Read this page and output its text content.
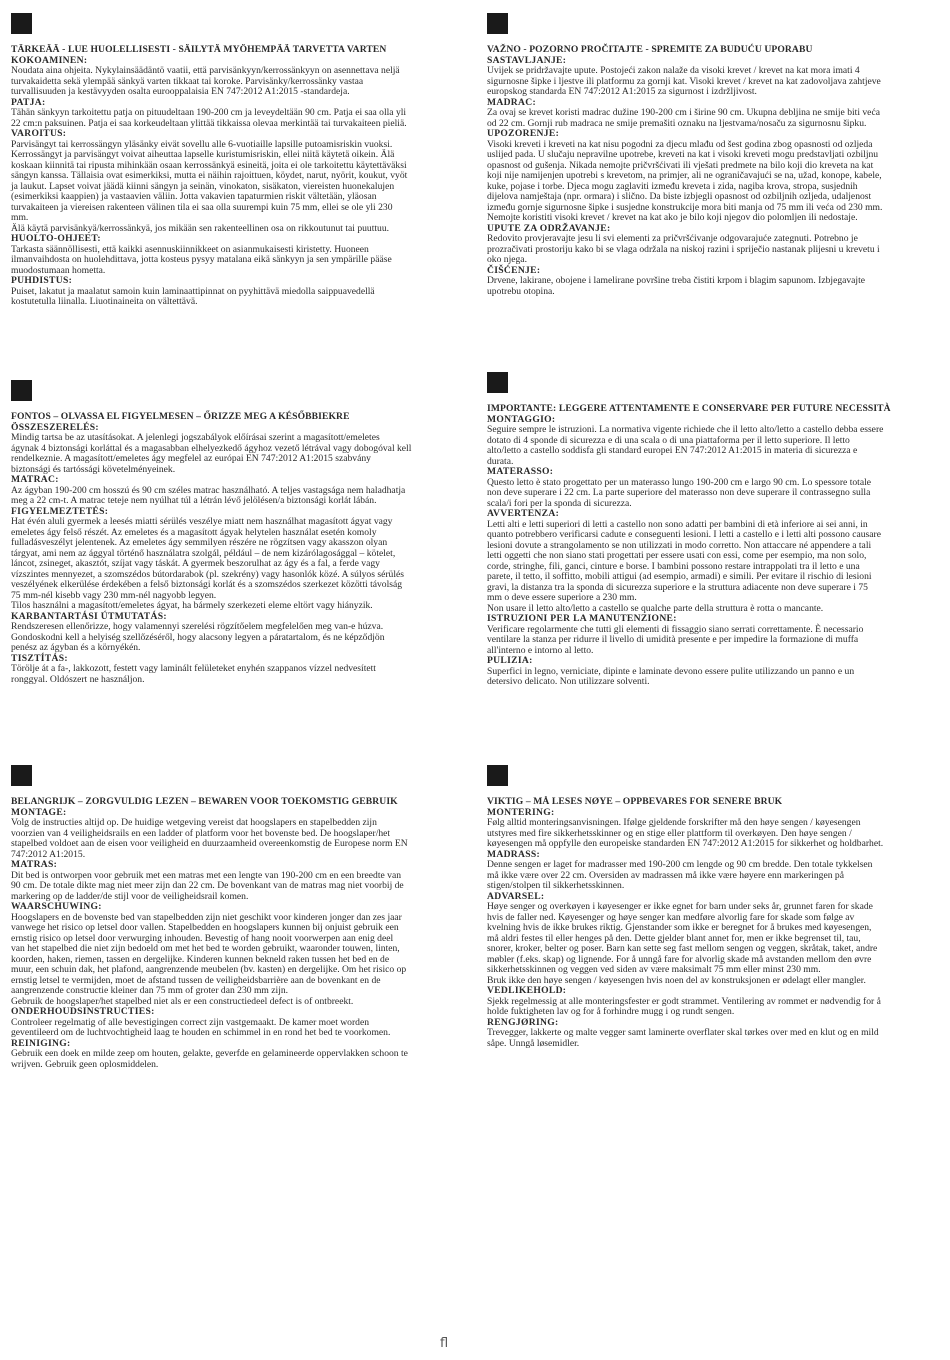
TÄRKEÄÄ - LUE HUOLELLISESTI - SÄILYTÄ MYÖHEMPÄÄ TARVETTA VARTEN
KOKOAMINEN:
Noudata aina ohjeita. Nykylainsäädäntö vaatii, että parvisänkyyn/kerrossänkyyn on asennettava neljä
turvakaidetta sekä ylempää sänkyä varten tikkaat tai koroke. Parvisänky/kerrossänky vastaa
turvallisuuden ja kestävyyden osalta eurooppalaisia EN 747:2012 A1:2015 -standardeja.
PATJA:
Tähän sänkyyn tarkoitettu patja on pituudeltaan 190-200 cm ja leveydeltään 90 cm. Patja ei saa olla yli
22 cm:n paksuinen. Patja ei saa korkeudeltaan ylittää tikkaissa olevaa merkintää tai turvakaiteen pieliä.
VAROITUS:
Parvisängyt tai kerrossängyn yläsänky eivät sovellu alle 6-vuotiaille lapsille putoamisriskin vuoksi.
Kerrossängyt ja parvisängyt voivat aiheuttaa lapselle kuristumisriskin, ellei niitä käytetä oikein. Älä
koskaan kiinnitä tai ripusta mihinkään osaan kerrossänkyä esineitä, joita ei ole tarkoitettu käytettäväksi
sängyn kanssa. Tällaisia ovat esimerkiksi, mutta ei näihin rajoittuen, köydet, narut, nyörit, koukut, vyöt
ja laukut. Lapset voivat jäädä kiinni sängyn ja seinän, vinokaton, sisäkaton, viereisten huonekalujen
(esimerkiksi kaappien) ja vastaavien väliin. Jotta vakavien tapaturmien riskit vältetään, yläosan
turvakaiteen ja viereisen rakenteen välinen tila ei saa olla suurempi kuin 75 mm, ellei se ole yli 230
mm.
Älä käytä parvisänkyä/kerrossänkyä, jos mikään sen rakenteellinen osa on rikkoutunut tai puuttuu.
HUOLTO-OHJEET:
Tarkasta säännöllisesti, että kaikki asennuskiinnikkeet on asianmukaisesti kiristetty. Huoneen
ilmanvaihdosta on huolehdittava, jotta kosteus pysyy matalana eikä sänkyyn ja sen ympärille pääse
muodostumaan hometta.
PUHDISTUS:
Puiset, lakatut ja maalatut samoin kuin laminaattipinnat on pyyhittävä miedolla saippuavedellä
kostutetulla liinalla. Liuotinaineita on vältettävä.
VAŽNO - POZORNO PROČITAJTE - SPREMITE ZA BUDUĆU UPORABU
SASTAVLJANJE:
Uvijek se pridržavajte upute. Postojeći zakon nalaže da visoki krevet / krevet na kat mora imati 4
sigurnosne šipke i ljestve ili platformu za gornji kat. Visoki krevet / krevet na kat zadovoljava zahtjeve
europskog standarda EN 747:2012 A1:2015 za sigurnost i izdržljivost.
MADRAC:
Za ovaj se krevet koristi madrac dužine 190-200 cm i širine 90 cm. Ukupna debljina ne smije biti veća
od 22 cm. Gornji rub madraca ne smije premašiti oznaku na ljestvama/nosaču za sigurnosnu šipku.
UPOZORENJE:
Visoki kreveti i kreveti na kat nisu pogodni za djecu mlađu od šest godina zbog opasnosti od ozljeda
uslijed pada. U slučaju nepravilne upotrebe, kreveti na kat i visoki kreveti mogu predstavljati ozbiljnu
opasnost od gušenja. Nikada nemojte pričvršćivati ili vješati predmete na bilo koji dio kreveta na kat
koji nije namijenjen upotrebi s krevetom, na primjer, ali ne ograničavajući se na, užad, konope, kabele,
kuke, pojase i torbe. Djeca mogu zaglaviti između kreveta i zida, nagiba krova, stropa, susjednih
dijelova namještaja (npr. ormara) i slično. Da biste izbjegli opasnost od ozbiljnih ozljeda, udaljenost
između gornje sigurnosne šipke i susjedne konstrukcije mora biti manja od 75 mm ili veća od 230 mm.
Nemojte koristiti visoki krevet / krevet na kat ako je bilo koji njegov dio polomljen ili nedostaje.
UPUTE ZA ODRŽAVANJE:
Redovito provjeravajte jesu li svi elementi za pričvršćivanje odgovarajuće zategnuti. Potrebno je
prozračivati prostoriju kako bi se vlaga održala na niskoj razini i spriječio nastanak plijesni u krevetu i
oko njega.
ČIŠĆENJE:
Drvene, lakirane, obojene i lamelirane površine treba čistiti krpom i blagim sapunom. Izbjegavajte
upotrebu otopina.
FONTOS – OLVASSA EL FIGYELMESEN – ŐRIZZE MEG A KÉSŐBBIEKRE
ÖSSZESZERELÉS:
Mindig tartsa be az utasításokat. A jelenlegi jogszabályok előírásai szerint a magasított/emeletes
ágynak 4 biztonsági korláttal és a magasabban elhelyezkedő ágyhoz vezető létrával vagy dobogóval kell
rendelkeznie. A magasított/emeletes ágy megfelel az európai EN 747:2012 A1:2015 szabvány
biztonsági és tartóssági követelményeinek.
MATRAC:
Az ágyban 190-200 cm hosszú és 90 cm széles matrac használható. A teljes vastagsága nem haladhatja
meg a 22 cm-t. A matrac teteje nem nyúlhat túl a létrán lévő jelölésen/a biztonsági korlát lábán.
FIGYELMEZTETÉS:
Hat évén aluli gyermek a leesés miatti sérülés veszélye miatt nem használhat magasított ágyat vagy
emeletes ágy felső részét. Az emeletes és a magasított ágyak helytelen használat esetén komoly
fulladásveszélyt jelentenek. Az emeletes ágy semmilyen részére ne rögzítsen vagy akasszon olyan
tárgyat, ami nem az ággyal történő használatra szolgál, például – de nem kizárólagosággal – kötelet,
láncot, zsineget, akasztót, szíjat vagy táskát. A gyermek beszorulhat az ágy és a fal, a ferde vagy
vízszintes mennyezet, a szomszédos bútordarabok (pl. szekrény) vagy hasonlók közé. A súlyos sérülés
veszélyének elkerülése érdekében a felső biztonsági korlát és a szomszédos szerkezet közötti távolság
75 mm-nél kisebb vagy 230 mm-nél nagyobb legyen.
Tilos használni a magasított/emeletes ágyat, ha bármely szerkezeti eleme eltört vagy hiányzik.
KARBANTARTÁSI ÚTMUTATÁS:
Rendszeresen ellenőrizze, hogy valamennyi szerelési rögzítőelem megfelelően meg van-e húzva.
Gondoskodni kell a helyiség szellőzéséről, hogy alacsony legyen a páratartalom, és ne képződjön
penész az ágyban és a környékén.
TISZTÍTÁS:
Törölje át a fa-, lakkozott, festett vagy laminált felületeket enyhén szappanos vízzel nedvesített
ronggyal. Oldószert ne használjon.
IMPORTANTE: LEGGERE ATTENTAMENTE E CONSERVARE PER FUTURE NECESSITÀ
MONTAGGIO:
Seguire sempre le istruzioni. La normativa vigente richiede che il letto alto/letto a castello debba essere
dotato di 4 sponde di sicurezza e di una scala o di una piattaforma per il letto superiore. Il letto
alto/letto a castello soddisfa gli standard europei EN 747:2012 A1:2015 in materia di sicurezza e
durata.
MATERASSO:
Questo letto è stato progettato per un materasso lungo 190-200 cm e largo 90 cm. Lo spessore totale
non deve superare i 22 cm. La parte superiore del materasso non deve superare il contrassegno sulla
scala/i fori per la sponda di sicurezza.
AVVERTENZA:
Letti alti e letti superiori di letti a castello non sono adatti per bambini di età inferiore ai sei anni, in
quanto potrebbero verificarsi cadute e conseguenti lesioni. I letti a castello e i letti alti possono causare
lesioni dovute a strangolamento se non utilizzati in modo corretto. Non attaccare né appendere a tali
letti oggetti che non siano stati progettati per essere usati con essi, come per esempio, ma non solo,
corde, stringhe, fili, ganci, cinture e borse. I bambini possono restare intrappolati tra il letto e una
parete, il tetto, il soffitto, mobili attigui (ad esempio, armadi) e simili. Per evitare il rischio di lesioni
gravi, la distanza tra la sponda di sicurezza superiore e la struttura adiacente non deve superare i 75
mm o deve essere superiore a 230 mm.
Non usare il letto alto/letto a castello se qualche parte della struttura è rotta o mancante.
ISTRUZIONI PER LA MANUTENZIONE:
Verificare regolarmente che tutti gli elementi di fissaggio siano serrati correttamente. È necessario
ventilare la stanza per ridurre il livello di umidità presente e per impedire la formazione di muffa
all'interno e intorno al letto.
PULIZIA:
Superfici in legno, verniciate, dipinte e laminate devono essere pulite utilizzando un panno e un
detersivo delicato. Non utilizzare solventi.
BELANGRIJK – ZORGVULDIG LEZEN – BEWAREN VOOR TOEKOMSTIG GEBRUIK
MONTAGE:
Volg de instructies altijd op. De huidige wetgeving vereist dat hoogslapers en stapelbedden zijn
voorzien van 4 veiligheidsrails en een ladder of platform voor het bovenste bed. De hoogslaper/het
stapelbed voldoet aan de eisen voor veiligheid en duurzaamheid overeenkomstig de Europese norm EN
747:2012 A1:2015.
MATRAS:
Dit bed is ontworpen voor gebruik met een matras met een lengte van 190-200 cm en een breedte van
90 cm. De totale dikte mag niet meer zijn dan 22 cm. De bovenkant van de matras mag niet voorbij de
markering op de ladder/de stijl voor de veiligheidsrail komen.
WAARSCHUWING:
Hoogslapers en de bovenste bed van stapelbedden zijn niet geschikt voor kinderen jonger dan zes jaar
vanwege het risico op letsel door vallen. Stapelbedden en hoogslapers kunnen bij onjuist gebruik een
ernstig risico op letsel door verwurging inhouden. Bevestig of hang nooit voorwerpen aan enig deel
van het stapelbed die niet zijn bedoeld om met het bed te worden gebruikt, waaronder touwen, linten,
koorden, haken, riemen, tassen en dergelijke. Kinderen kunnen bekneld raken tussen het bed en de
muur, een schuin dak, het plafond, aangrenzende meubelen (bv. kasten) en dergelijke. Om het risico op
ernstig letsel te vermijden, moet de afstand tussen de veiligheidsbarrière aan de bovenkant en de
aangrenzende constructie kleiner dan 75 mm of groter dan 230 mm zijn.
Gebruik de hoogslaper/het stapelbed niet als er een constructiedeel defect is of ontbreekt.
ONDERHOUDSINSTRUCTIES:
Controleer regelmatig of alle bevestigingen correct zijn vastgemaakt. De kamer moet worden
geventileerd om de luchtvochtigheid laag te houden en schimmel in en rond het bed te voorkomen.
REINIGING:
Gebruik een doek en milde zeep om houten, gelakte, geverfde en gelamineerde oppervlakken schoon te
wrijven. Gebruik geen oplosmiddelen.
VIKTIG – MÅ LESES NØYE – OPPBEVARES FOR SENERE BRUK
MONTERING:
Følg alltid monteringsanvisningen. Ifølge gjeldende forskrifter må den høye sengen / køyesengen
utstyres med fire sikkerhetsskinner og en stige eller plattform til overkøyen. Den høye sengen /
køyesengen må oppfylle den europeiske standarden EN 747:2012 A1:2015 for sikkerhet og holdbarhet.
MADRASS:
Denne sengen er laget for madrasser med 190-200 cm lengde og 90 cm bredde. Den totale tykkelsen
må ikke være over 22 cm. Oversiden av madrassen må ikke være høyere enn markeringen på
stigen/stolpen til sikkerhetsskinnen.
ADVARSEL:
Høye senger og overkøyen i køyesenger er ikke egnet for barn under seks år, grunnet faren for skade
hvis de faller ned. Køyesenger og høye senger kan medføre alvorlig fare for skade som følge av
kvelning hvis de ikke brukes riktig. Gjenstander som ikke er beregnet for å brukes med køyesengen,
må aldri festes til eller henges på den. Dette gjelder blant annet for, men er ikke begrenset til, tau,
snorer, kroker, belter og poser. Barn kan sette seg fast mellom sengen og veggen, skråtak, taket, andre
møbler (f.eks. skap) og lignende. For å unngå fare for alvorlig skade må avstanden mellom den øvre
sikkerhetsskinnen og veggen ved siden av være maksimalt 75 mm eller minst 230 mm.
Bruk ikke den høye sengen / køyesengen hvis noen del av konstruksjonen er ødelagt eller mangler.
VEDLIKEHOLD:
Sjekk regelmessig at alle monteringsfester er godt strammet. Ventilering av rommet er nødvendig for å
holde fuktigheten lav og for å forhindre mugg i og rundt sengen.
RENGJØRING:
Trevegger, lakkerte og malte vegger samt laminerte overflater skal tørkes over med en klut og en mild
såpe. Unngå løsemidler.
fl
